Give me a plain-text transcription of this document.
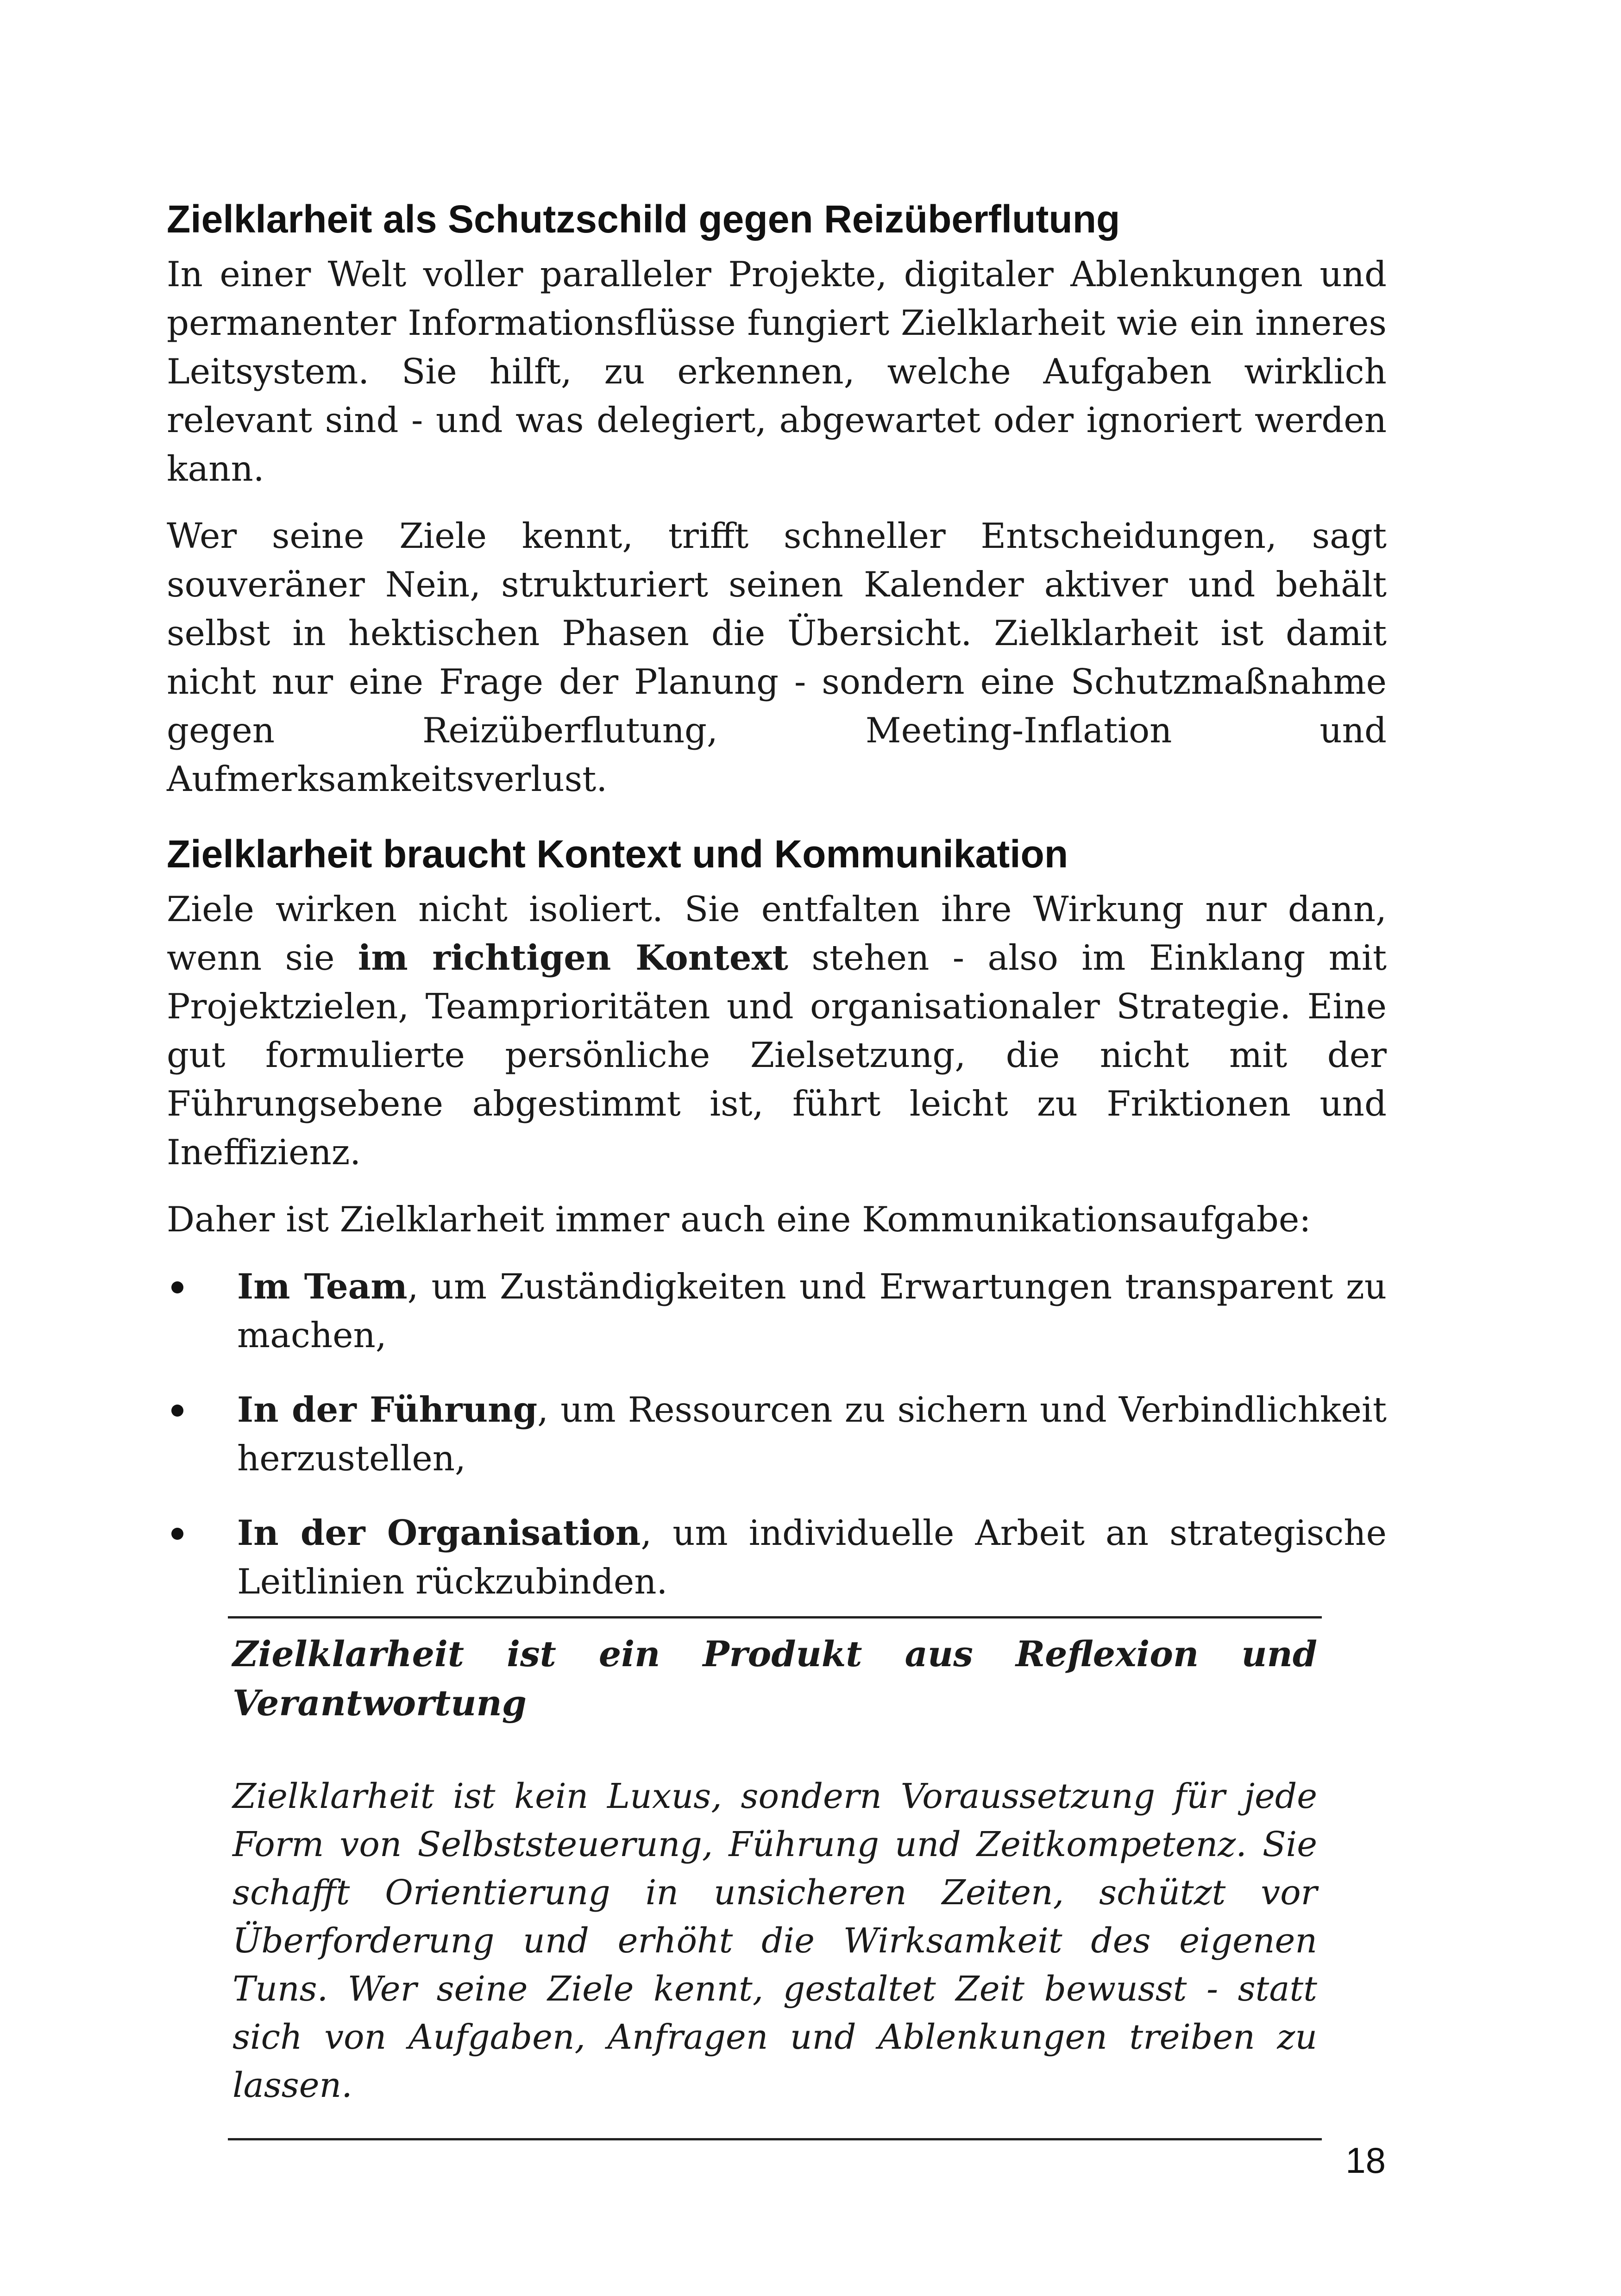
Zielklarheit als Schutzschild gegen Reizüberflutung

In einer Welt voller paralleler Projekte, digitaler Ablenkungen und permanenter Informationsflüsse fungiert Zielklarheit wie ein inneres Leitsystem. Sie hilft, zu erkennen, welche Aufgaben wirklich relevant sind - und was delegiert, abgewartet oder ignoriert werden kann.

Wer seine Ziele kennt, trifft schneller Entscheidungen, sagt souveräner Nein, strukturiert seinen Kalender aktiver und behält selbst in hektischen Phasen die Übersicht. Zielklarheit ist damit nicht nur eine Frage der Planung - sondern eine Schutzmaßnahme gegen Reizüberflutung, Meeting-Inflation und Aufmerksamkeitsverlust.

Zielklarheit braucht Kontext und Kommunikation

Ziele wirken nicht isoliert. Sie entfalten ihre Wirkung nur dann, wenn sie im richtigen Kontext stehen - also im Einklang mit Projektzielen, Teamprioritäten und organisationaler Strategie. Eine gut formulierte persönliche Zielsetzung, die nicht mit der Führungsebene abgestimmt ist, führt leicht zu Friktionen und Ineffizienz.

Daher ist Zielklarheit immer auch eine Kommunikationsaufgabe:

Im Team, um Zuständigkeiten und Erwartungen transparent zu machen,
In der Führung, um Ressourcen zu sichern und Verbindlichkeit herzustellen,
In der Organisation, um individuelle Arbeit an strategische Leitlinien rückzubinden.

Zielklarheit ist ein Produkt aus Reflexion und Verantwortung

Zielklarheit ist kein Luxus, sondern Voraussetzung für jede Form von Selbststeuerung, Führung und Zeitkompetenz. Sie schafft Orientierung in unsicheren Zeiten, schützt vor Überforderung und erhöht die Wirksamkeit des eigenen Tuns. Wer seine Ziele kennt, gestaltet Zeit bewusst - statt sich von Aufgaben, Anfragen und Ablenkungen treiben zu lassen.

18
